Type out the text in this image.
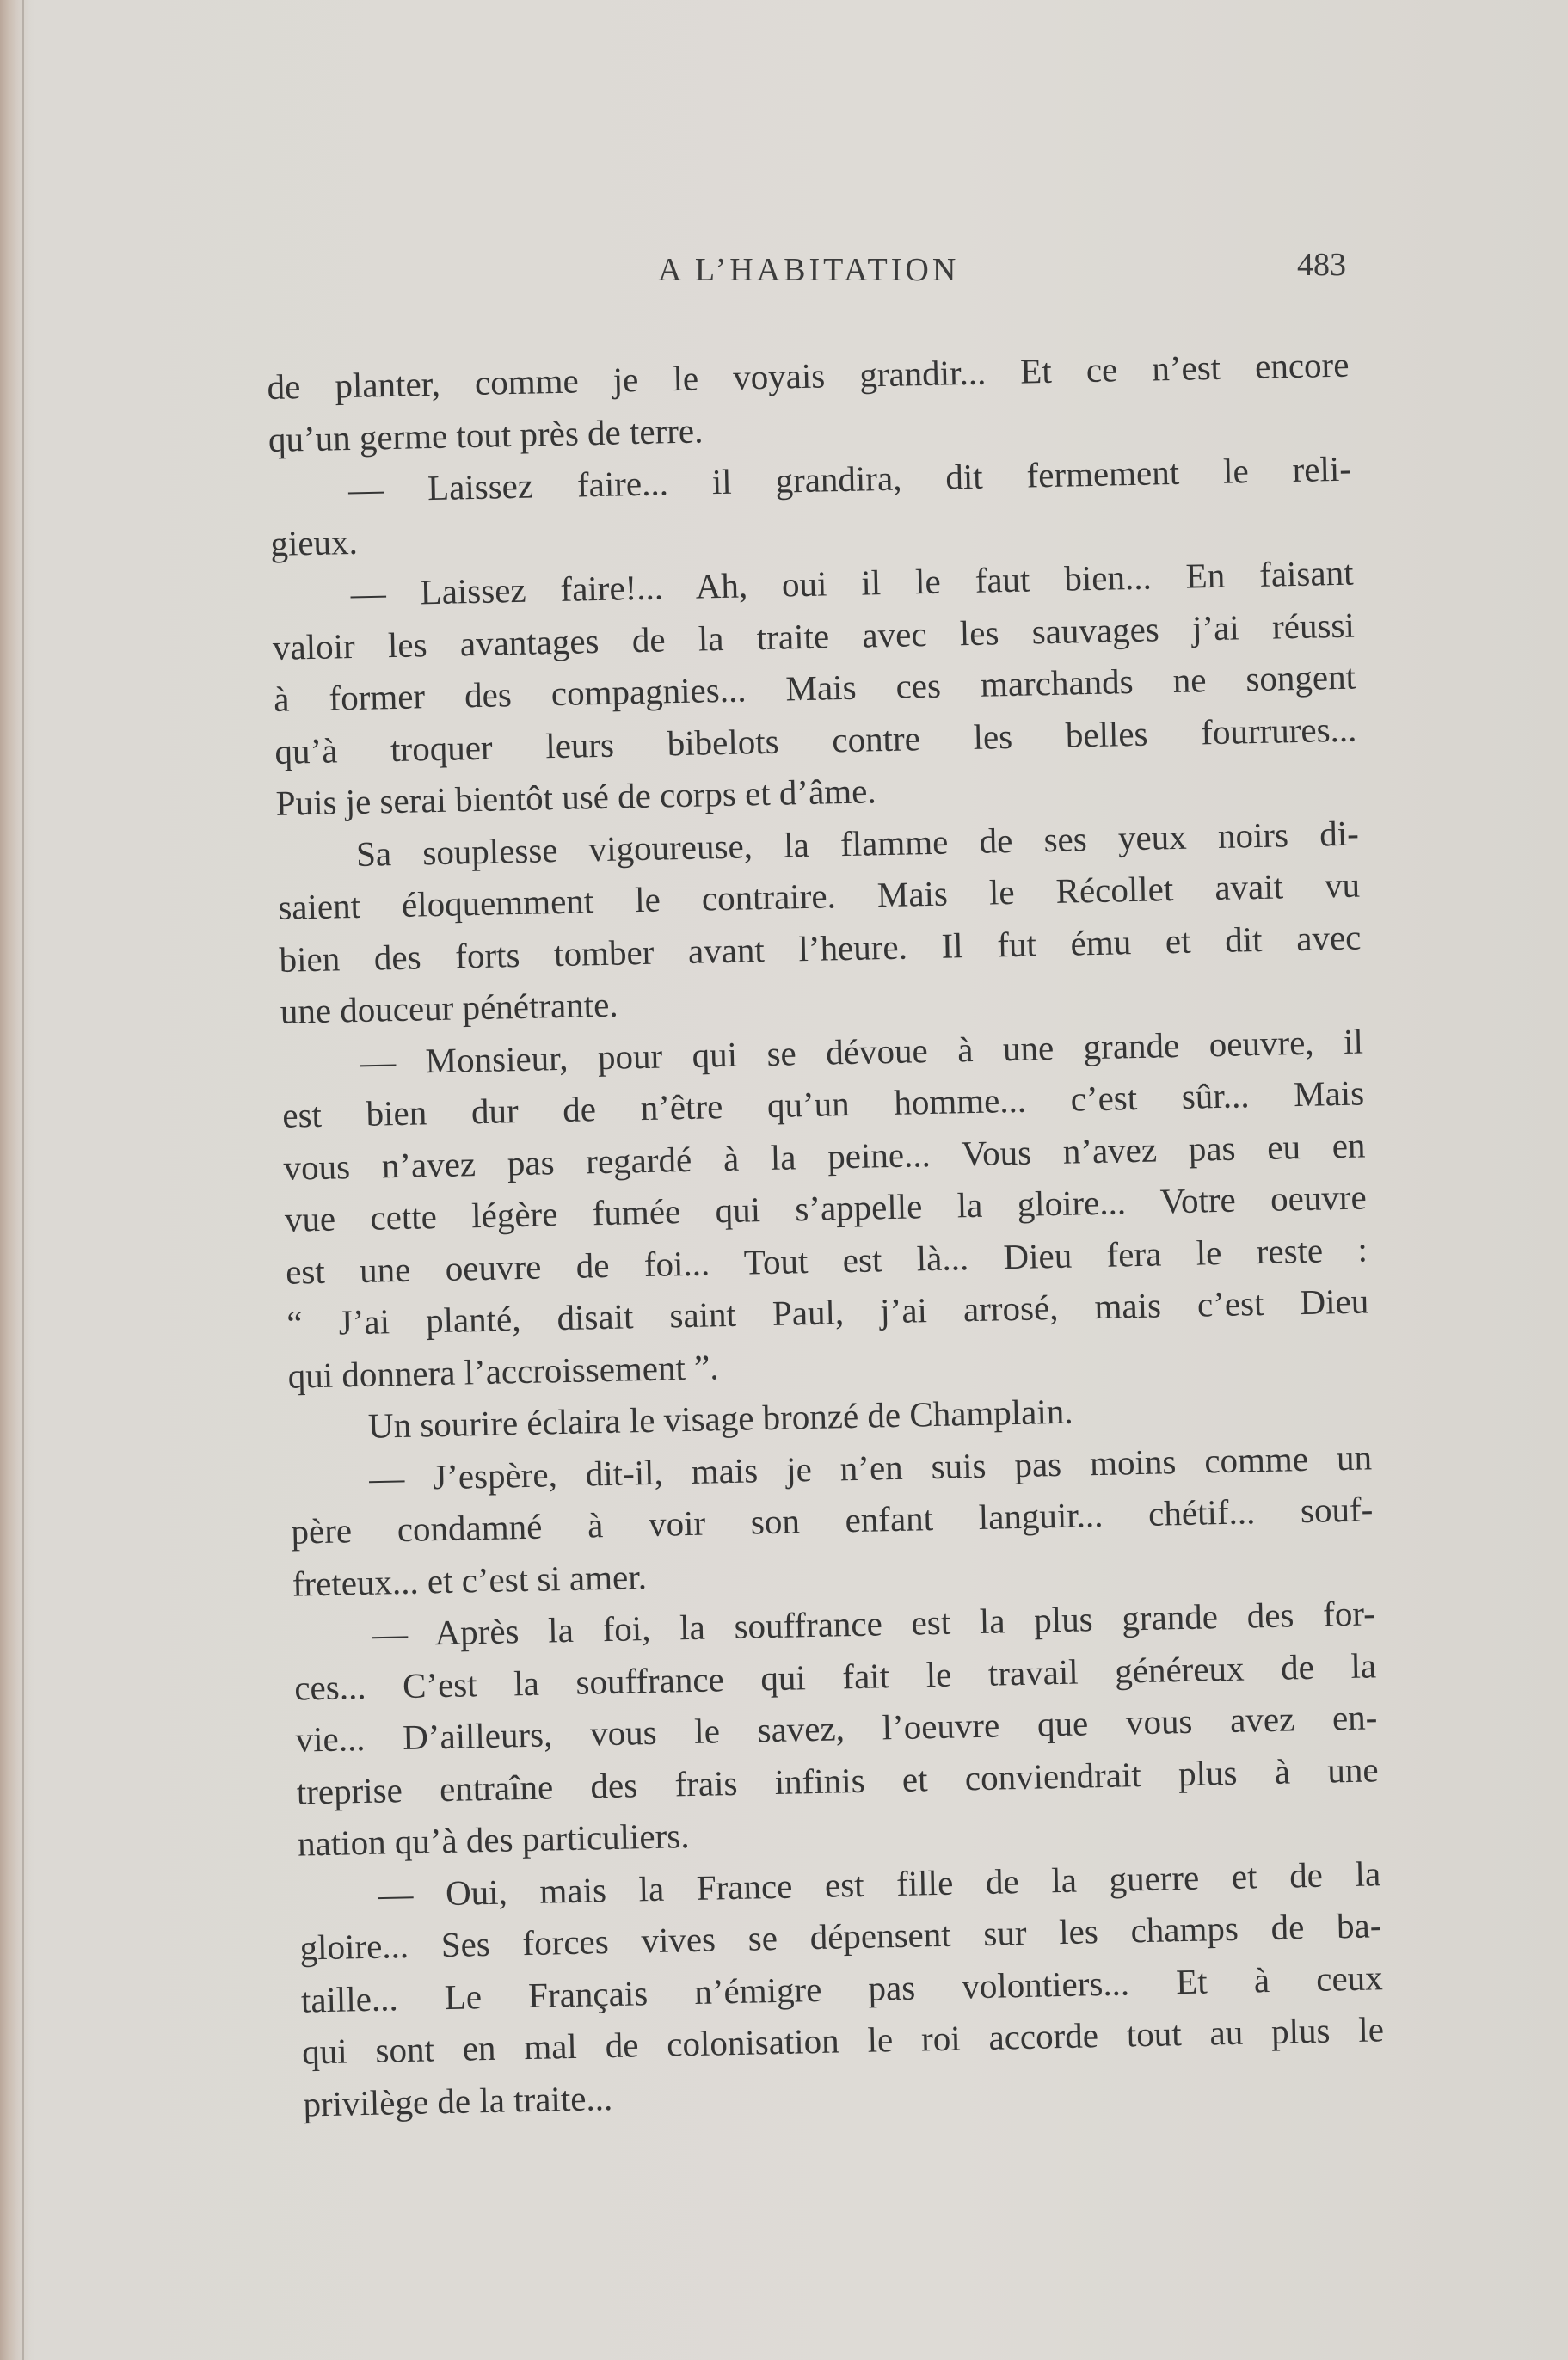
A L’HABITATION	483
de planter, comme je le voyais grandir... Et ce n’est encore
qu’un germe tout près de terre.
— Laissez faire... il grandira, dit fermement le reli-
gieux.
— Laissez faire!... Ah, oui il le faut bien... En faisant
valoir les avantages de la traite avec les sauvages j’ai réussi
à former des compagnies... Mais ces marchands ne songent
qu’à troquer leurs bibelots contre les belles fourrures...
Puis je serai bientôt usé de corps et d’âme.
Sa souplesse vigoureuse, la flamme de ses yeux noirs di-
saient éloquemment le contraire. Mais le Récollet avait vu
bien des forts tomber avant l’heure. Il fut ému et dit avec
une douceur pénétrante.
— Monsieur, pour qui se dévoue à une grande oeuvre, il
est bien dur de n’être qu’un homme... c’est sûr... Mais
vous n’avez pas regardé à la peine... Vous n’avez pas eu en
vue cette légère fumée qui s’appelle la gloire... Votre oeuvre
est une oeuvre de foi... Tout est là... Dieu fera le reste :
“ J’ai planté, disait saint Paul, j’ai arrosé, mais c’est Dieu
qui donnera l’accroissement ”.
Un sourire éclaira le visage bronzé de Champlain.
— J’espère, dit-il, mais je n’en suis pas moins comme un
père condamné à voir son enfant languir... chétif... souf-
freteux... et c’est si amer.
— Après la foi, la souffrance est la plus grande des for-
ces... C’est la souffrance qui fait le travail généreux de la
vie... D’ailleurs, vous le savez, l’oeuvre que vous avez en-
treprise entraîne des frais infinis et conviendrait plus à une
nation qu’à des particuliers.
— Oui, mais la France est fille de la guerre et de la
gloire... Ses forces vives se dépensent sur les champs de ba-
taille... Le Français n’émigre pas volontiers... Et à ceux
qui sont en mal de colonisation le roi accorde tout au plus le
privilège de la traite...
